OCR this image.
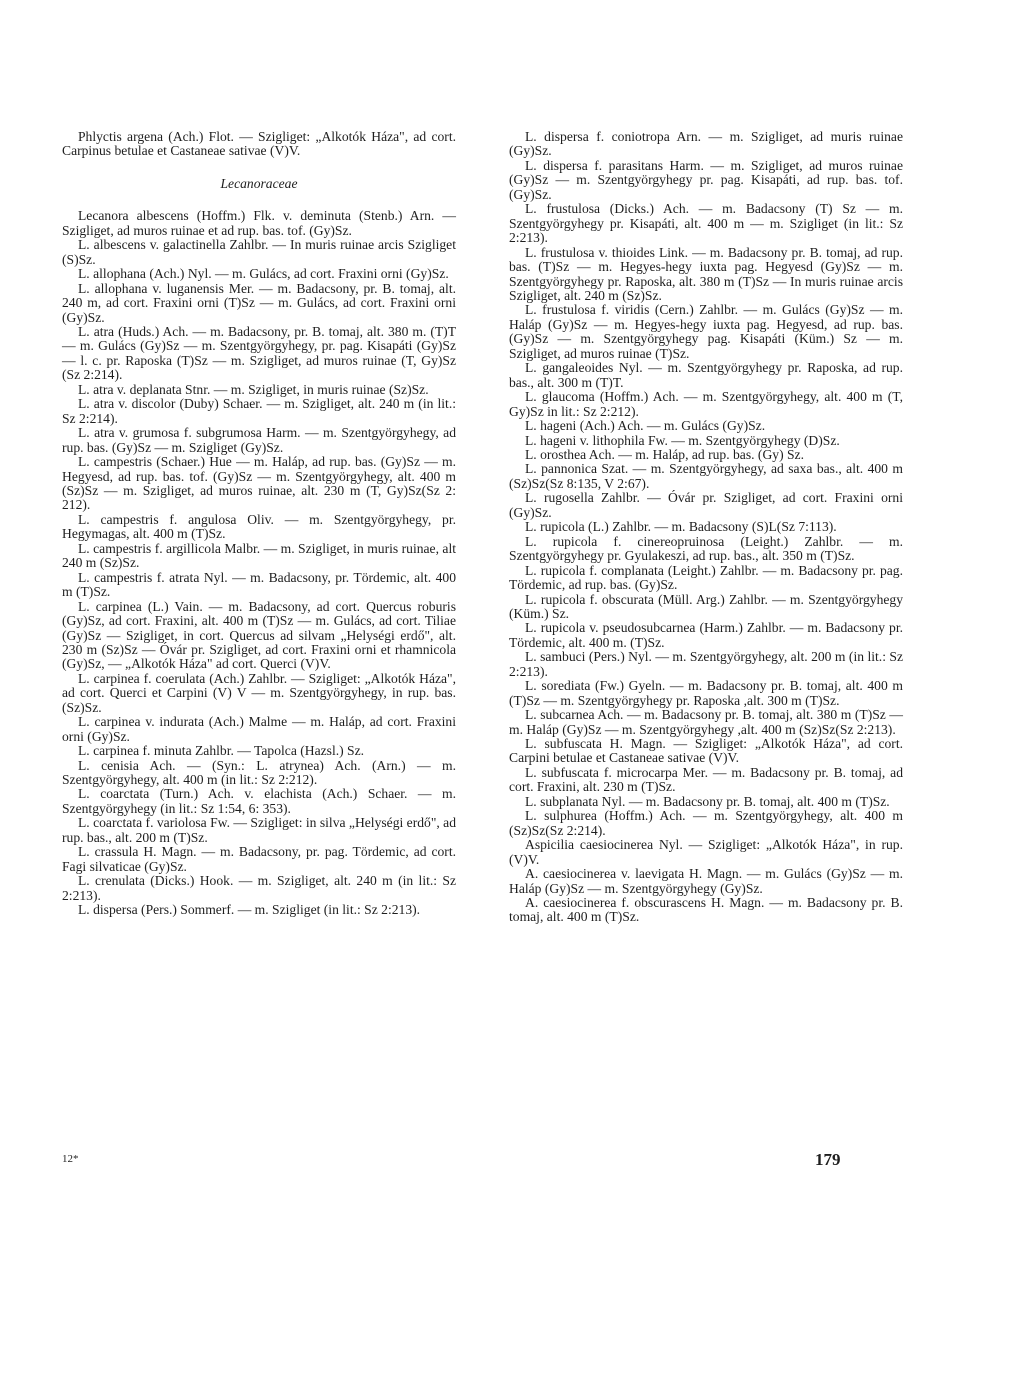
Phlyctis argena (Ach.) Flot. — Szigliget: „Alkotók Háza", ad cort. Carpinus betulae et Castaneae sativae (V)V.

Lecanoraceae

Lecanora albescens (Hoffm.) Flk. v. deminuta (Stenb.) Arn. — Szigliget, ad muros ruinae et ad rup. bas. tof. (Gy)Sz.

L. albescens v. galactinella Zahlbr. — In muris ruinae arcis Szigliget (S)Sz.

L. allophana (Ach.) Nyl. — m. Gulács, ad cort. Fraxini orni (Gy)Sz.

L. allophana v. luganensis Mer. — m. Badacsony, pr. B. tomaj, alt. 240 m, ad cort. Fraxini orni (T)Sz — m. Gulács, ad cort. Fraxini orni (Gy)Sz.

L. atra (Huds.) Ach. — m. Badacsony, pr. B. tomaj, alt. 380 m. (T)T — m. Gulács (Gy)Sz — m. Szentgyörgyhegy, pr. pag. Kisapáti (Gy)Sz — l. c. pr. Raposka (T)Sz — m. Szigliget, ad muros ruinae (T, Gy)Sz (Sz 2:214).

L. atra v. deplanata Stnr. — m. Szigliget, in muris ruinae (Sz)Sz.

L. atra v. discolor (Duby) Schaer. — m. Szigliget, alt. 240 m (in lit.: Sz 2:214).

L. atra v. grumosa f. subgrumosa Harm. — m. Szentgyörgyhegy, ad rup. bas. (Gy)Sz — m. Szigliget (Gy)Sz.

L. campestris (Schaer.) Hue — m. Haláp, ad rup. bas. (Gy)Sz — m. Hegyesd, ad rup. bas. tof. (Gy)Sz — m. Szentgyörgyhegy, alt. 400 m (Sz)Sz — m. Szigliget, ad muros ruinae, alt. 230 m (T, Gy)Sz(Sz 2: 212).

L. campestris f. angulosa Oliv. — m. Szentgyörgyhegy, pr. Hegymagas, alt. 400 m (T)Sz.

L. campestris f. argillicola Malbr. — m. Szigliget, in muris ruinae, alt 240 m (Sz)Sz.

L. campestris f. atrata Nyl. — m. Badacsony, pr. Tördemic, alt. 400 m (T)Sz.

L. carpinea (L.) Vain. — m. Badacsony, ad cort. Quercus roburis (Gy)Sz, ad cort. Fraxini, alt. 400 m (T)Sz — m. Gulács, ad cort. Tiliae (Gy)Sz — Szigliget, in cort. Quercus ad silvam „Helységi erdő", alt. 230 m (Sz)Sz — Óvár pr. Szigliget, ad cort. Fraxini orni et rhamnicola (Gy)Sz, — „Alkotók Háza" ad cort. Querci (V)V.

L. carpinea f. coerulata (Ach.) Zahlbr. — Szigliget: „Alkotók Háza", ad cort. Querci et Carpini (V) V — m. Szentgyörgyhegy, in rup. bas. (Sz)Sz.

L. carpinea v. indurata (Ach.) Malme — m. Haláp, ad cort. Fraxini orni (Gy)Sz.

L. carpinea f. minuta Zahlbr. — Tapolca (Hazsl.) Sz.

L. cenisia Ach. — (Syn.: L. atrynea) Ach. (Arn.) — m. Szentgyörgyhegy, alt. 400 m (in lit.: Sz 2:212).

L. coarctata (Turn.) Ach. v. elachista (Ach.) Schaer. — m. Szentgyörgyhegy (in lit.: Sz 1:54, 6: 353).

L. coarctata f. variolosa Fw. — Szigliget: in silva „Helységi erdő", ad rup. bas., alt. 200 m (T)Sz.

L. crassula H. Magn. — m. Badacsony, pr. pag. Tördemic, ad cort. Fagi silvaticae (Gy)Sz.

L. crenulata (Dicks.) Hook. — m. Szigliget, alt. 240 m (in lit.: Sz 2:213).

L. dispersa (Pers.) Sommerf. — m. Szigliget (in lit.: Sz 2:213).

L. dispersa f. coniotropa Arn. — m. Szigliget, ad muris ruinae (Gy)Sz.

L. dispersa f. parasitans Harm. — m. Szigliget, ad muros ruinae (Gy)Sz — m. Szentgyörgyhegy pr. pag. Kisapáti, ad rup. bas. tof. (Gy)Sz.

L. frustulosa (Dicks.) Ach. — m. Badacsony (T) Sz — m. Szentgyörgyhegy pr. Kisapáti, alt. 400 m — m. Szigliget (in lit.: Sz 2:213).

L. frustulosa v. thioides Link. — m. Badacsony pr. B. tomaj, ad rup. bas. (T)Sz — m. Hegyes-hegy iuxta pag. Hegyesd (Gy)Sz — m. Szentgyörgyhegy pr. Raposka, alt. 380 m (T)Sz — In muris ruinae arcis Szigliget, alt. 240 m (Sz)Sz.

L. frustulosa f. viridis (Cern.) Zahlbr. — m. Gulács (Gy)Sz — m. Haláp (Gy)Sz — m. Hegyes-hegy iuxta pag. Hegyesd, ad rup. bas. (Gy)Sz — m. Szentgyörgyhegy pag. Kisapáti (Küm.) Sz — m. Szigliget, ad muros ruinae (T)Sz.

L. gangaleoides Nyl. — m. Szentgyörgyhegy pr. Raposka, ad rup. bas., alt. 300 m (T)T.

L. glaucoma (Hoffm.) Ach. — m. Szentgyörgyhegy, alt. 400 m (T, Gy)Sz in lit.: Sz 2:212).

L. hageni (Ach.) Ach. — m. Gulács (Gy)Sz.

L. hageni v. lithophila Fw. — m. Szentgyörgyhegy (D)Sz.

L. orosthea Ach. — m. Haláp, ad rup. bas. (Gy) Sz.

L. pannonica Szat. — m. Szentgyörgyhegy, ad saxa bas., alt. 400 m (Sz)Sz(Sz 8:135, V 2:67).

L. rugosella Zahlbr. — Óvár pr. Szigliget, ad cort. Fraxini orni (Gy)Sz.

L. rupicola (L.) Zahlbr. — m. Badacsony (S)L(Sz 7:113).

L. rupicola f. cinereopruinosa (Leight.) Zahlbr. — m. Szentgyörgyhegy pr. Gyulakeszi, ad rup. bas., alt. 350 m (T)Sz.

L. rupicola f. complanata (Leight.) Zahlbr. — m. Badacsony pr. pag. Tördemic, ad rup. bas. (Gy)Sz.

L. rupicola f. obscurata (Müll. Arg.) Zahlbr. — m. Szentgyörgyhegy (Küm.) Sz.

L. rupicola v. pseudosubcarnea (Harm.) Zahlbr. — m. Badacsony pr. Tördemic, alt. 400 m. (T)Sz.

L. sambuci (Pers.) Nyl. — m. Szentgyörgyhegy, alt. 200 m (in lit.: Sz 2:213).

L. sorediata (Fw.) Gyeln. — m. Badacsony pr. B. tomaj, alt. 400 m (T)Sz — m. Szentgyörgyhegy pr. Raposka ,alt. 300 m (T)Sz.

L. subcarnea Ach. — m. Badacsony pr. B. tomaj, alt. 380 m (T)Sz — m. Haláp (Gy)Sz — m. Szentgyörgyhegy ,alt. 400 m (Sz)Sz(Sz 2:213).

L. subfuscata H. Magn. — Szigliget: „Alkotók Háza", ad cort. Carpini betulae et Castaneae sativae (V)V.

L. subfuscata f. microcarpa Mer. — m. Badacsony pr. B. tomaj, ad cort. Fraxini, alt. 230 m (T)Sz.

L. subplanata Nyl. — m. Badacsony pr. B. tomaj, alt. 400 m (T)Sz.

L. sulphurea (Hoffm.) Ach. — m. Szentgyörgyhegy, alt. 400 m (Sz)Sz(Sz 2:214).

Aspicilia caesiocinerea Nyl. — Szigliget: „Alkotók Háza", in rup. (V)V.

A. caesiocinerea v. laevigata H. Magn. — m. Gulács (Gy)Sz — m. Haláp (Gy)Sz — m. Szentgyörgyhegy (Gy)Sz.

A. caesiocinerea f. obscurascens H. Magn. — m. Badacsony pr. B. tomaj, alt. 400 m (T)Sz.

12*	179
